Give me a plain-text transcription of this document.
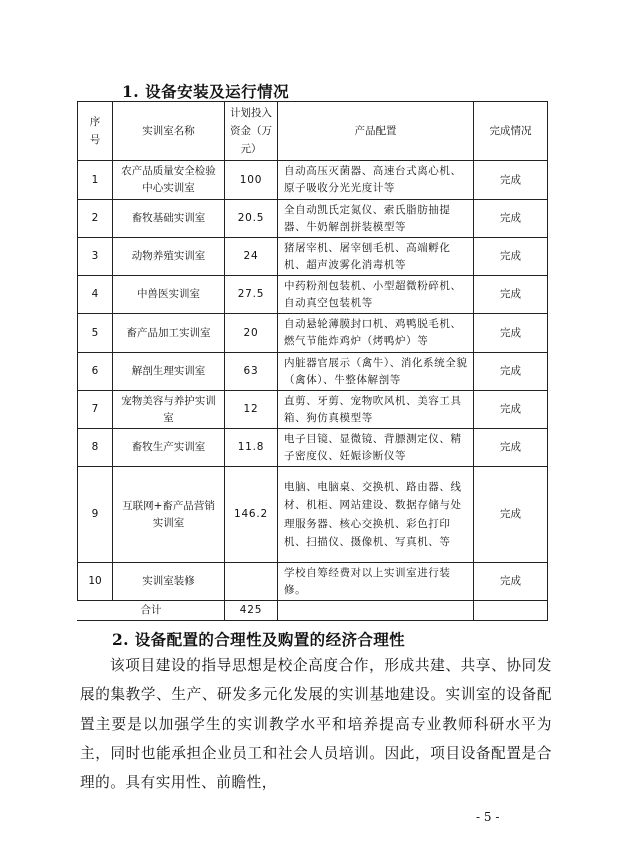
1. 设备安装及运行情况
序号	实训室名称	计划投入资金（万元）	产品配置	完成情况
1	农产品质量安全检验中心实训室	100	自动高压灭菌器、高速台式离心机、原子吸收分光光度计等	完成
2	畜牧基础实训室	20.5	全自动凯氏定氮仪、索氏脂肪抽提器、牛奶解剖拼装模型等	完成
3	动物养殖实训室	24	猪屠宰机、屠宰刨毛机、高端孵化机、超声波雾化消毒机等	完成
4	中兽医实训室	27.5	中药粉剂包装机、小型超微粉碎机、自动真空包装机等	完成
5	畜产品加工实训室	20	自动悬轮薄膜封口机、鸡鸭脱毛机、燃气节能炸鸡炉（烤鸭炉）等	完成
6	解剖生理实训室	63	内脏器官展示（禽牛）、消化系统全貌（禽体）、牛整体解剖等	完成
7	宠物美容与养护实训室	12	直剪、牙剪、宠物吹风机、美容工具箱、狗仿真模型等	完成
8	畜牧生产实训室	11.8	电子目镜、显微镜、背膘测定仪、精子密度仪、妊娠诊断仪等	完成
9	互联网+畜产品营销实训室	146.2	电脑、电脑桌、交换机、路由器、线材、机柜、网站建设、数据存储与处理服务器、核心交换机、彩色打印机、扫描仪、摄像机、写真机、等	完成
10	实训室装修		学校自筹经费对以上实训室进行装修。	完成
合计		425		
2. 设备配置的合理性及购置的经济合理性

该项目建设的指导思想是校企高度合作，形成共建、共享、协同发展的集教学、生产、研发多元化发展的实训基地建设。实训室的设备配置主要是以加强学生的实训教学水平和培养提高专业教师科研水平为主，同时也能承担企业员工和社会人员培训。因此，项目设备配置是合理的。具有实用性、前瞻性，

- 5 -
